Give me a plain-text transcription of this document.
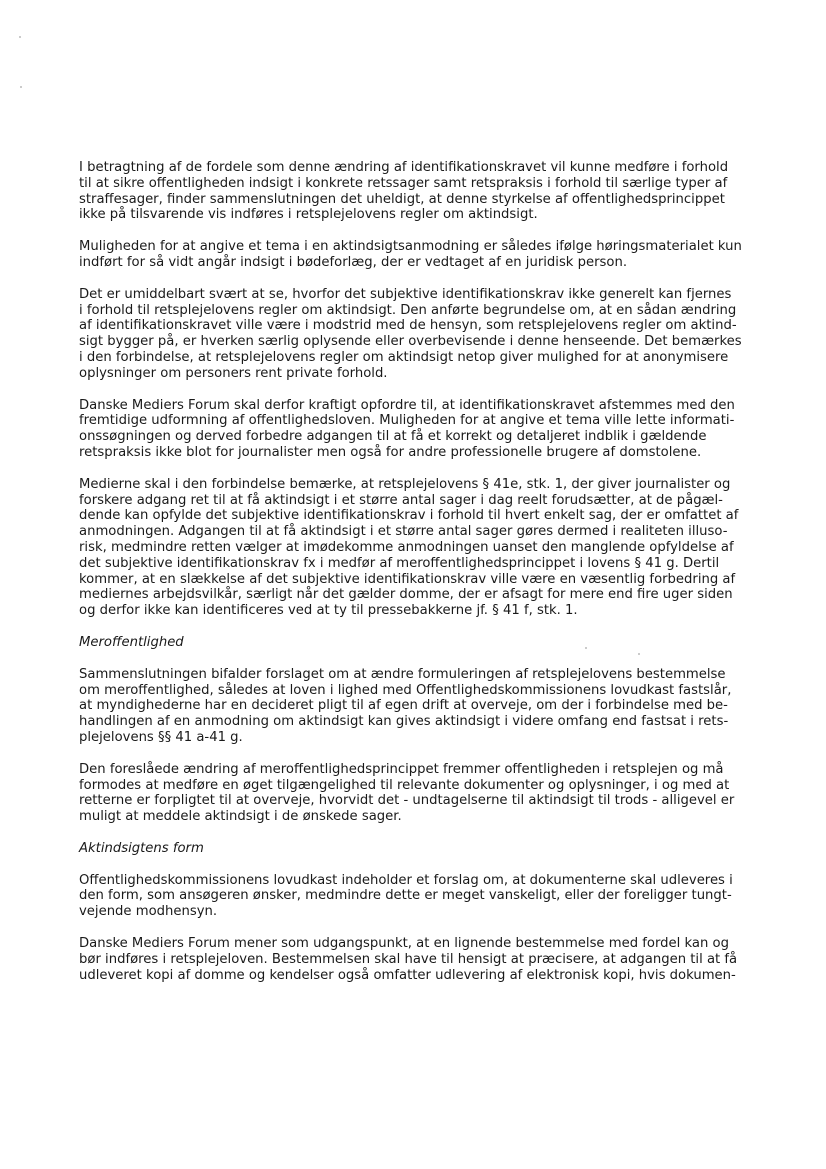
I betragtning af de fordele som denne ændring af identifikationskravet vil kunne medføre i forhold
til at sikre offentligheden indsigt i konkrete retssager samt retspraksis i forhold til særlige typer af
straffesager, finder sammenslutningen det uheldigt, at denne styrkelse af offentlighedsprincippet
ikke på tilsvarende vis indføres i retsplejelovens regler om aktindsigt.
Muligheden for at angive et tema i en aktindsigtsanmodning er således ifølge høringsmaterialet kun
indført for så vidt angår indsigt i bødeforlæg, der er vedtaget af en juridisk person.
Det er umiddelbart svært at se, hvorfor det subjektive identifikationskrav ikke generelt kan fjernes
i forhold til retsplejelovens regler om aktindsigt. Den anførte begrundelse om, at en sådan ændring
af identifikationskravet ville være i modstrid med de hensyn, som retsplejelovens regler om aktind-
sigt bygger på, er hverken særlig oplysende eller overbevisende i denne henseende. Det bemærkes
i den forbindelse, at retsplejelovens regler om aktindsigt netop giver mulighed for at anonymisere
oplysninger om personers rent private forhold.
Danske Mediers Forum skal derfor kraftigt opfordre til, at identifikationskravet afstemmes med den
fremtidige udformning af offentlighedsloven. Muligheden for at angive et tema ville lette informati-
onssøgningen og derved forbedre adgangen til at få et korrekt og detaljeret indblik i gældende
retspraksis ikke blot for journalister men også for andre professionelle brugere af domstolene.
Medierne skal i den forbindelse bemærke, at retsplejelovens § 41e, stk. 1, der giver journalister og
forskere adgang ret til at få aktindsigt i et større antal sager i dag reelt forudsætter, at de pågæl-
dende kan opfylde det subjektive identifikationskrav i forhold til hvert enkelt sag, der er omfattet af
anmodningen. Adgangen til at få aktindsigt i et større antal sager gøres dermed i realiteten illuso-
risk, medmindre retten vælger at imødekomme anmodningen uanset den manglende opfyldelse af
det subjektive identifikationskrav fx i medfør af meroffentlighedsprincippet i lovens § 41 g. Dertil
kommer, at en slækkelse af det subjektive identifikationskrav ville være en væsentlig forbedring af
mediernes arbejdsvilkår, særligt når det gælder domme, der er afsagt for mere end fire uger siden
og derfor ikke kan identificeres ved at ty til pressebakkerne jf. § 41 f, stk. 1.
Meroffentlighed
Sammenslutningen bifalder forslaget om at ændre formuleringen af retsplejelovens bestemmelse
om meroffentlighed, således at loven i lighed med Offentlighedskommissionens lovudkast fastslår,
at myndighederne har en decideret pligt til af egen drift at overveje, om der i forbindelse med be-
handlingen af en anmodning om aktindsigt kan gives aktindsigt i videre omfang end fastsat i rets-
plejelovens §§ 41 a-41 g.
Den foreslåede ændring af meroffentlighedsprincippet fremmer offentligheden i retsplejen og må
formodes at medføre en øget tilgængelighed til relevante dokumenter og oplysninger, i og med at
retterne er forpligtet til at overveje, hvorvidt det - undtagelserne til aktindsigt til trods - alligevel er
muligt at meddele aktindsigt i de ønskede sager.
Aktindsigtens form
Offentlighedskommissionens lovudkast indeholder et forslag om, at dokumenterne skal udleveres i
den form, som ansøgeren ønsker, medmindre dette er meget vanskeligt, eller der foreligger tungt-
vejende modhensyn.
Danske Mediers Forum mener som udgangspunkt, at en lignende bestemmelse med fordel kan og
bør indføres i retsplejeloven. Bestemmelsen skal have til hensigt at præcisere, at adgangen til at få
udleveret kopi af domme og kendelser også omfatter udlevering af elektronisk kopi, hvis dokumen-
